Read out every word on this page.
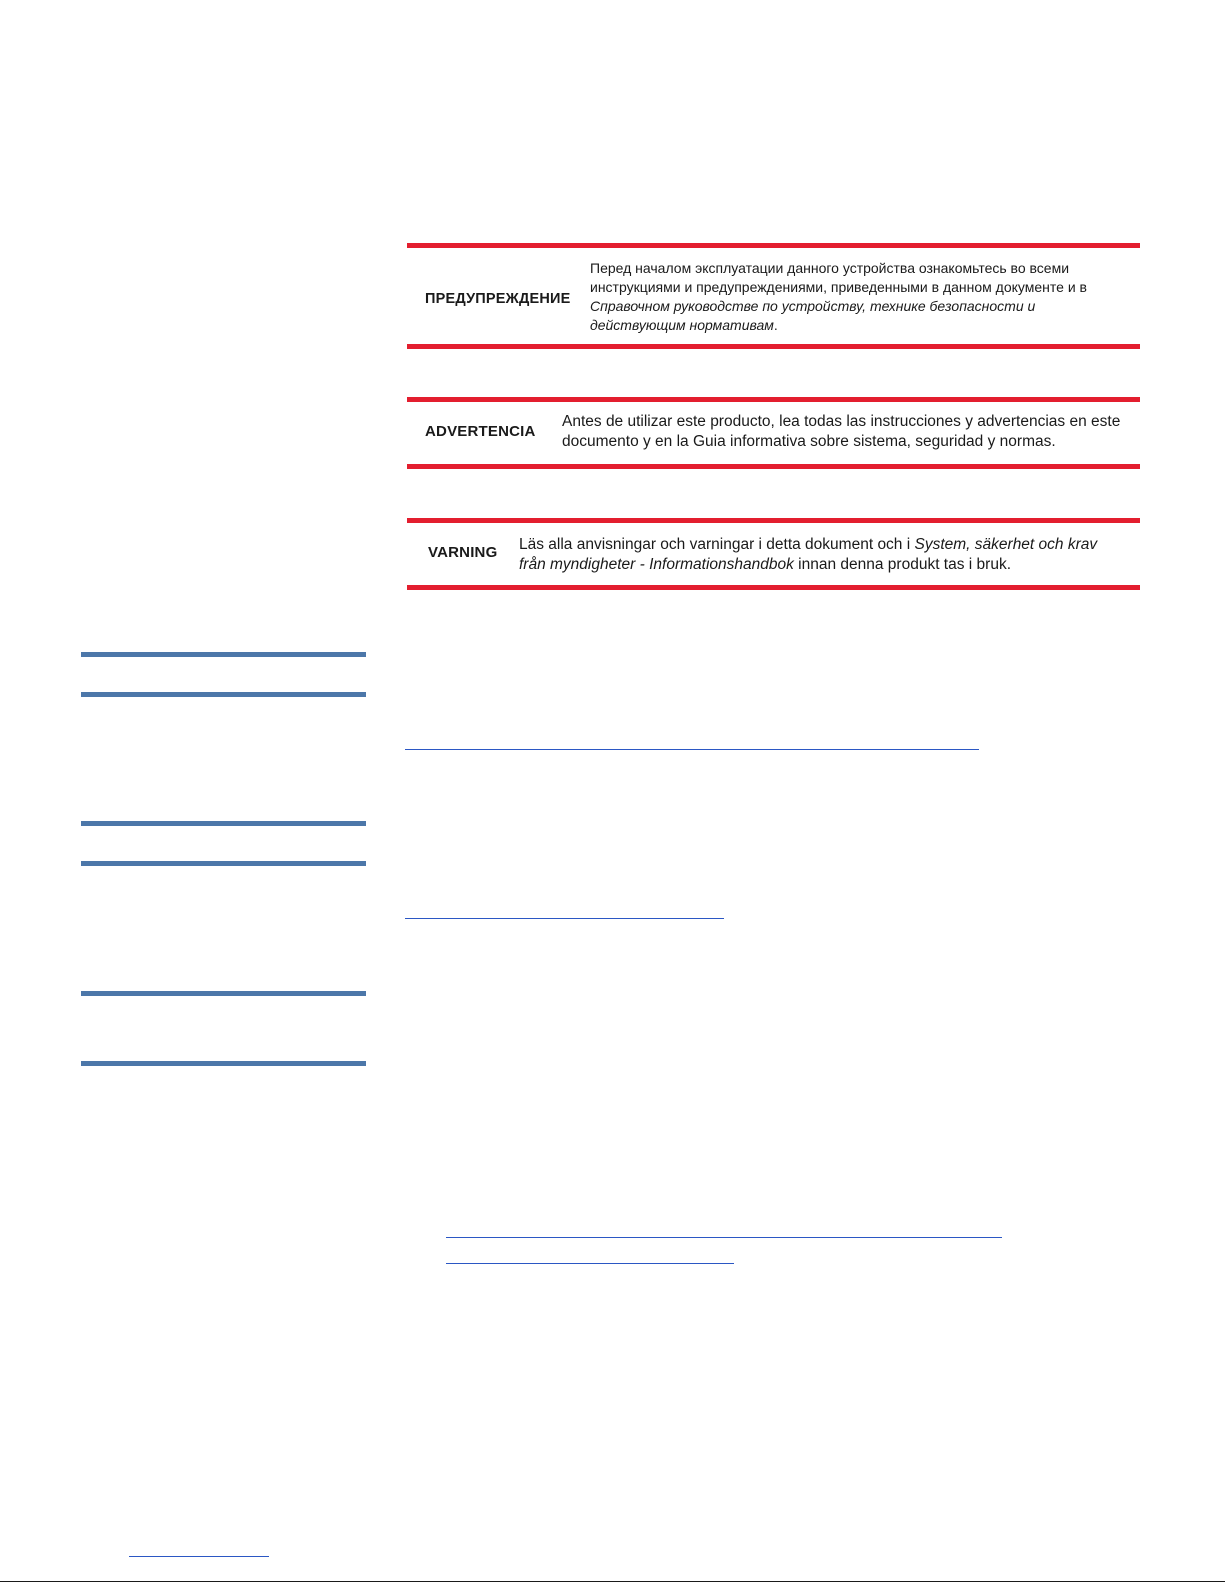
ПРЕДУПРЕЖДЕНИЕ
Перед началом эксплуатации данного устройства ознакомьтесь во всеми инструкциями и предупреждениями, приведенными в данном документе и в Справочном руководстве по устройству, технике безопасности и действующим нормативам.
ADVERTENCIA
Antes de utilizar este producto, lea todas las instrucciones y advertencias en este documento y en la Guia informativa sobre sistema, seguridad y normas.
VARNING Läs alla anvisningar och varningar i detta dokument och i System, säkerhet och krav från myndigheter - Informationshandbok innan denna produkt tas i bruk.
